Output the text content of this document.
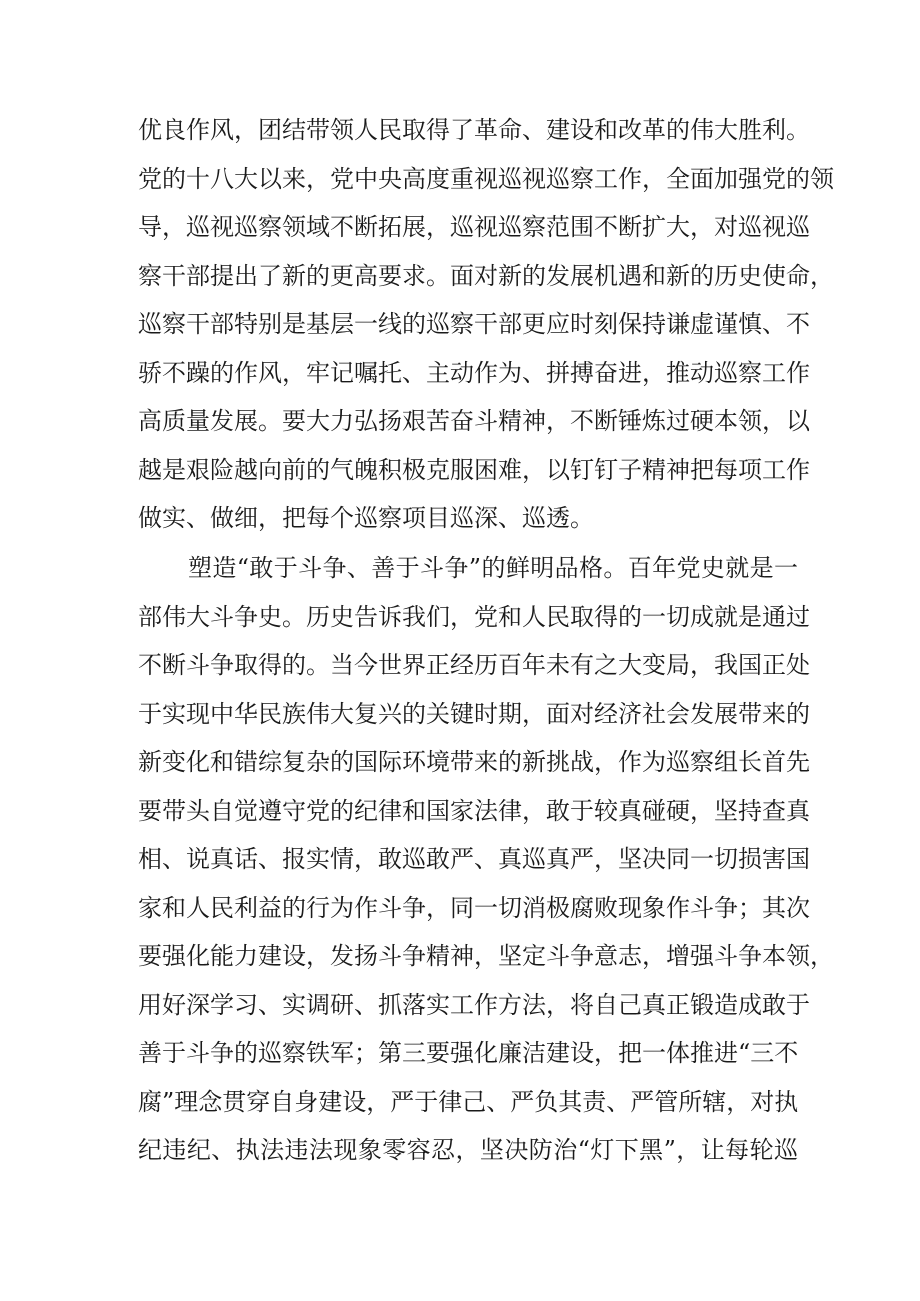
优良作风，团结带领人民取得了革命、建设和改革的伟大胜利。
党的十八大以来，党中央高度重视巡视巡察工作，全面加强党的领
导，巡视巡察领域不断拓展，巡视巡察范围不断扩大，对巡视巡
察干部提出了新的更高要求。面对新的发展机遇和新的历史使命，
巡察干部特别是基层一线的巡察干部更应时刻保持谦虚谨慎、不
骄不躁的作风，牢记嘱托、主动作为、拼搏奋进，推动巡察工作
高质量发展。要大力弘扬艰苦奋斗精神，不断锤炼过硬本领，以
越是艰险越向前的气魄积极克服困难，以钉钉子精神把每项工作
做实、做细，把每个巡察项目巡深、巡透。
塑造“敢于斗争、善于斗争”的鲜明品格。百年党史就是一
部伟大斗争史。历史告诉我们，党和人民取得的一切成就是通过
不断斗争取得的。当今世界正经历百年未有之大变局，我国正处
于实现中华民族伟大复兴的关键时期，面对经济社会发展带来的
新变化和错综复杂的国际环境带来的新挑战，作为巡察组长首先
要带头自觉遵守党的纪律和国家法律，敢于较真碰硬，坚持查真
相、说真话、报实情，敢巡敢严、真巡真严，坚决同一切损害国
家和人民利益的行为作斗争，同一切消极腐败现象作斗争；其次
要强化能力建设，发扬斗争精神，坚定斗争意志，增强斗争本领，
用好深学习、实调研、抓落实工作方法，将自己真正锻造成敢于
善于斗争的巡察铁军；第三要强化廉洁建设，把一体推进“三不
腐”理念贯穿自身建设，严于律己、严负其责、严管所辖，对执
纪违纪、执法违法现象零容忍，坚决防治“灯下黑”，让每轮巡
